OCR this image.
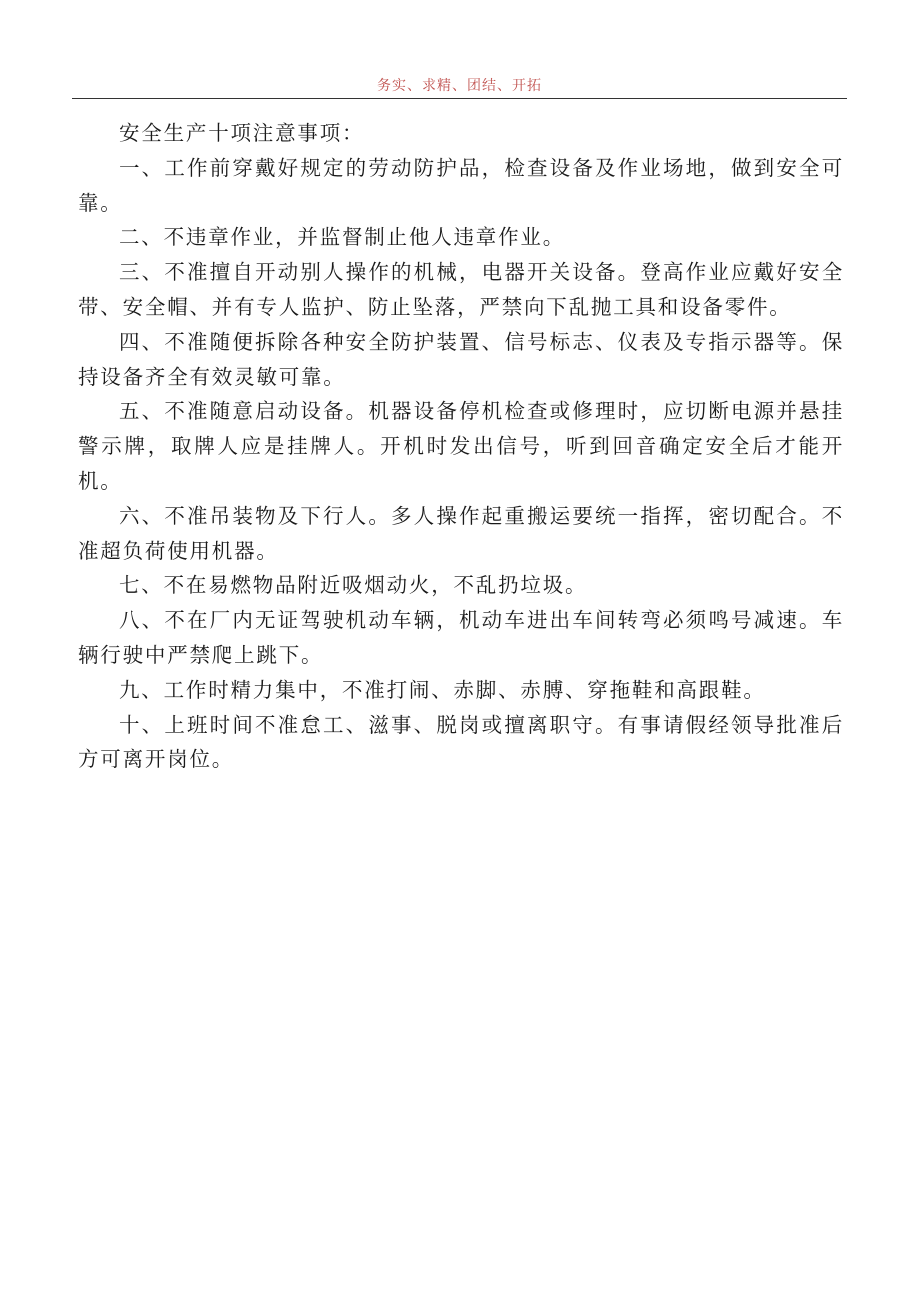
务实、求精、团结、开拓

安全生产十项注意事项：

一、工作前穿戴好规定的劳动防护品，检查设备及作业场地，做到安全可靠。

二、不违章作业，并监督制止他人违章作业。

三、不准擅自开动别人操作的机械，电器开关设备。登高作业应戴好安全带、安全帽、并有专人监护、防止坠落，严禁向下乱抛工具和设备零件。

四、不准随便拆除各种安全防护装置、信号标志、仪表及专指示器等。保持设备齐全有效灵敏可靠。

五、不准随意启动设备。机器设备停机检查或修理时，应切断电源并悬挂警示牌，取牌人应是挂牌人。开机时发出信号，听到回音确定安全后才能开机。

六、不准吊装物及下行人。多人操作起重搬运要统一指挥，密切配合。不准超负荷使用机器。

七、不在易燃物品附近吸烟动火，不乱扔垃圾。

八、不在厂内无证驾驶机动车辆，机动车进出车间转弯必须鸣号减速。车辆行驶中严禁爬上跳下。

九、工作时精力集中，不准打闹、赤脚、赤膊、穿拖鞋和高跟鞋。

十、上班时间不准怠工、滋事、脱岗或擅离职守。有事请假经领导批准后方可离开岗位。
